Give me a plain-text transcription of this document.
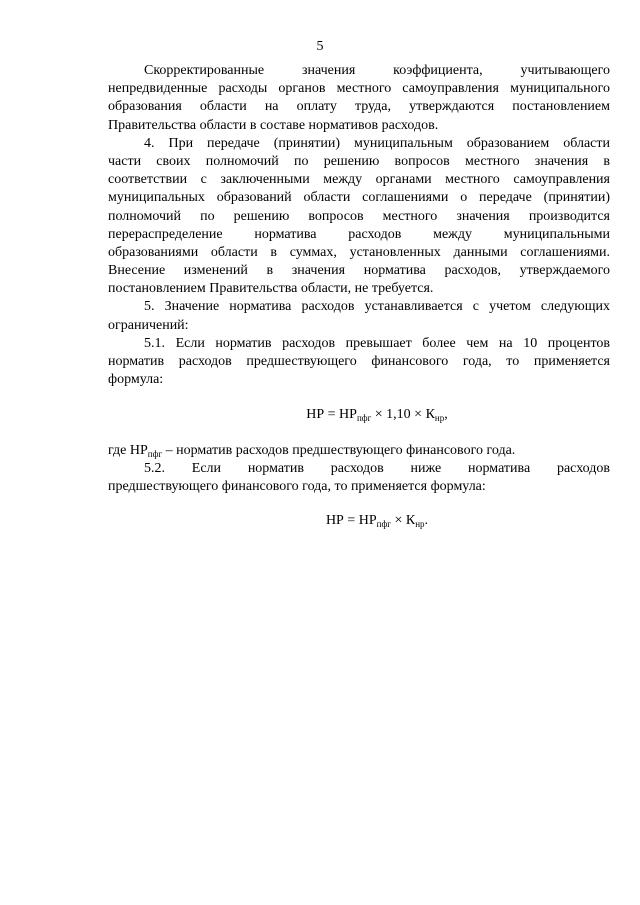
5
Скорректированные значения коэффициента, учитывающего
непредвиденные расходы органов местного самоуправления муниципального
образования области на оплату труда, утверждаются постановлением
Правительства области в составе нормативов расходов.
4. При передаче (принятии) муниципальным образованием области
части своих полномочий по решению вопросов местного значения в
соответствии с заключенными между органами местного самоуправления
муниципальных образований области соглашениями о передаче (принятии)
полномочий по решению вопросов местного значения производится
перераспределение норматива расходов между муниципальными
образованиями области в суммах, установленных данными соглашениями.
Внесение изменений в значения норматива расходов, утверждаемого
постановлением Правительства области, не требуется.
5. Значение норматива расходов устанавливается с учетом следующих
ограничений:
5.1. Если норматив расходов превышает более чем на 10 процентов
норматив расходов предшествующего финансового года, то применяется
формула:
НР = $НР_{пфг} \times 1,10 \times К_{нр}$,
где $НР_{пфг}$ – норматив расходов предшествующего финансового года.
5.2. Если норматив расходов ниже норматива расходов
предшествующего финансового года, то применяется формула:
НР = $НР_{пфг} \times К_{нр}$.
